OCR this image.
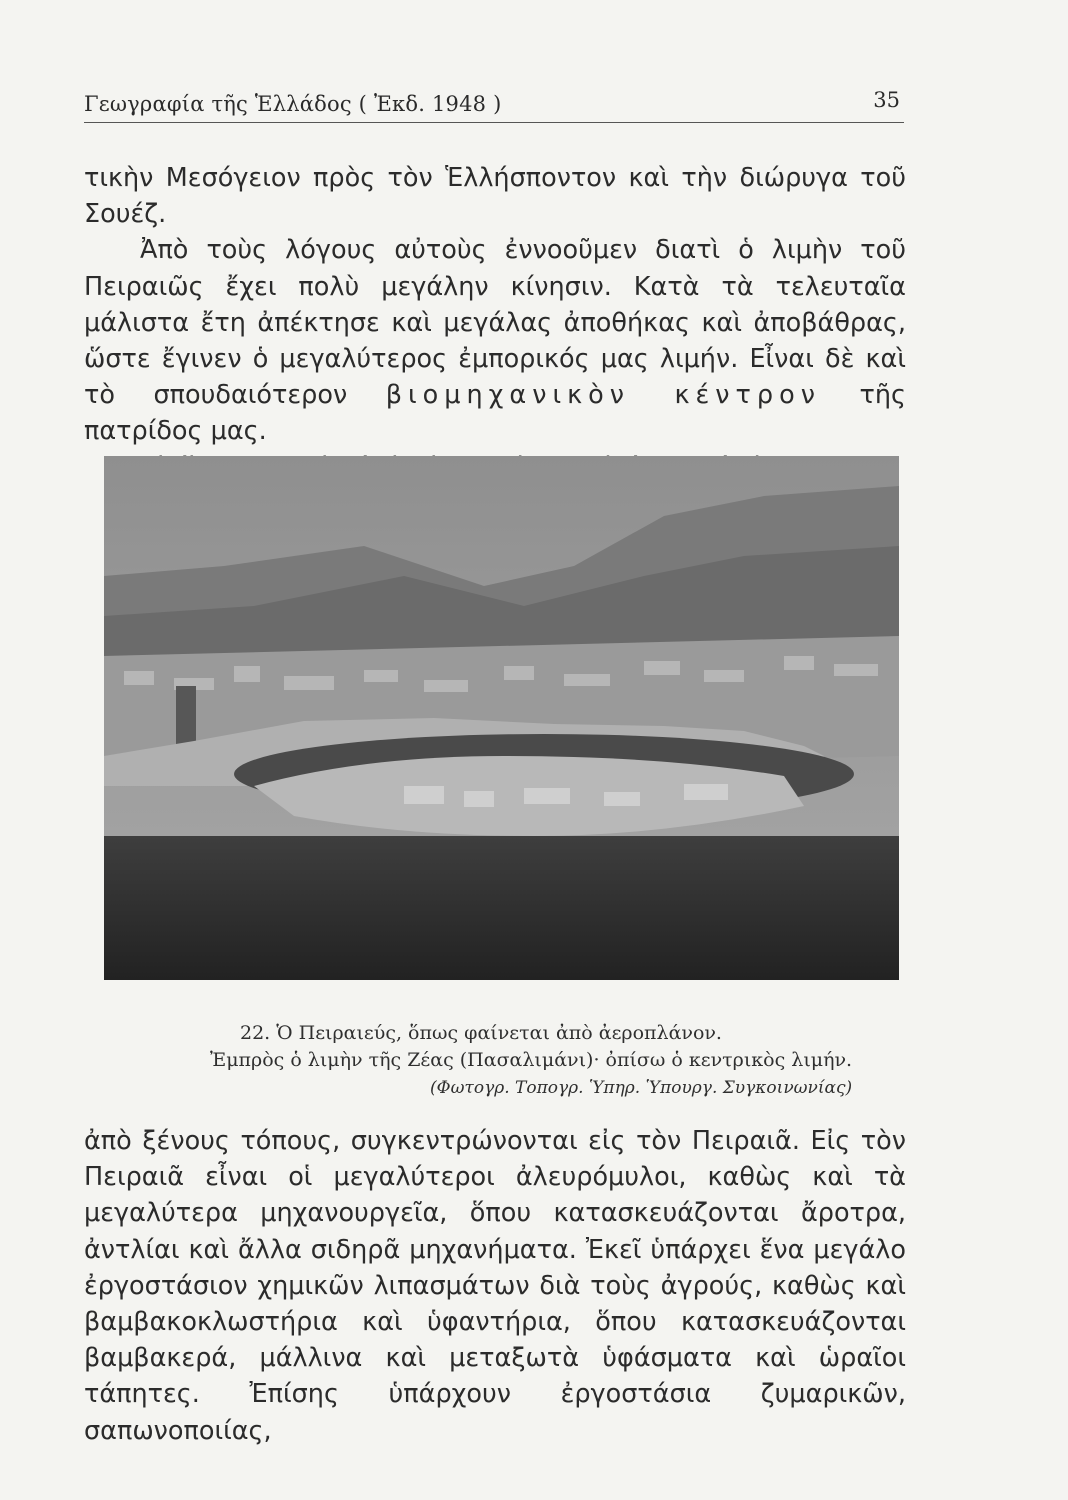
Γεωγραφία τῆς Ἑλλάδος ( Ἐκδ. 1948 )	35

τικὴν Μεσόγειον πρὸς τὸν Ἑλλήσποντον καὶ τὴν διώρυγα τοῦ Σουέζ.
Ἀπὸ τοὺς λόγους αὐτοὺς ἐννοοῦμεν διατὶ ὁ λιμὴν τοῦ Πειραιῶς ἔχει πολὺ μεγάλην κίνησιν. Κατὰ τὰ τελευταῖα μάλιστα ἔτη ἀπέκτησε καὶ μεγάλας ἀποθήκας καὶ ἀποβάθρας, ὥστε ἔγινεν ὁ μεγαλύτερος ἐμπορικός μας λιμήν. Εἶναι δὲ καὶ τὸ σπουδαιότερον βιομηχανικὸν κέντρον τῆς πατρίδος μας.

22. Ὁ Πειραιεύς, ὅπως φαίνεται ἀπὸ ἀεροπλάνον.
Ἐμπρὸς ὁ λιμὴν τῆς Ζέας (Πασαλιμάνι)· ὀπίσω ὁ κεντρικὸς λιμήν.
(Φωτογρ. Τοπογρ. Ὑπηρ. Ὑπουργ. Συγκοινωνίας)

ἀπὸ ξένους τόπους, συγκεντρώνονται εἰς τὸν Πειραιᾶ. Εἰς τὸν Πειραιᾶ εἶναι οἱ μεγαλύτεροι ἀλευρόμυλοι, καθὼς καὶ τὰ μεγαλύτερα μηχανουργεῖα, ὅπου κατασκευάζονται ἄροτρα, ἀντλίαι καὶ ἄλλα σιδηρᾶ μηχανήματα. Ἐκεῖ ὑπάρχει ἕνα μεγάλο ἐργοστάσιον χημικῶν λιπασμάτων διὰ τοὺς ἀγρούς, καθὼς καὶ βαμβακοκλωστήρια καὶ ὑφαντήρια, ὅπου κατασκευάζονται βαμβακερά, μάλλινα καὶ μεταξωτὰ ὑφάσματα καὶ ὡραῖοι τάπητες. Ἐπίσης ὑπάρχουν ἐργοστάσια ζυμαρικῶν, σαπωνοποιίας,
